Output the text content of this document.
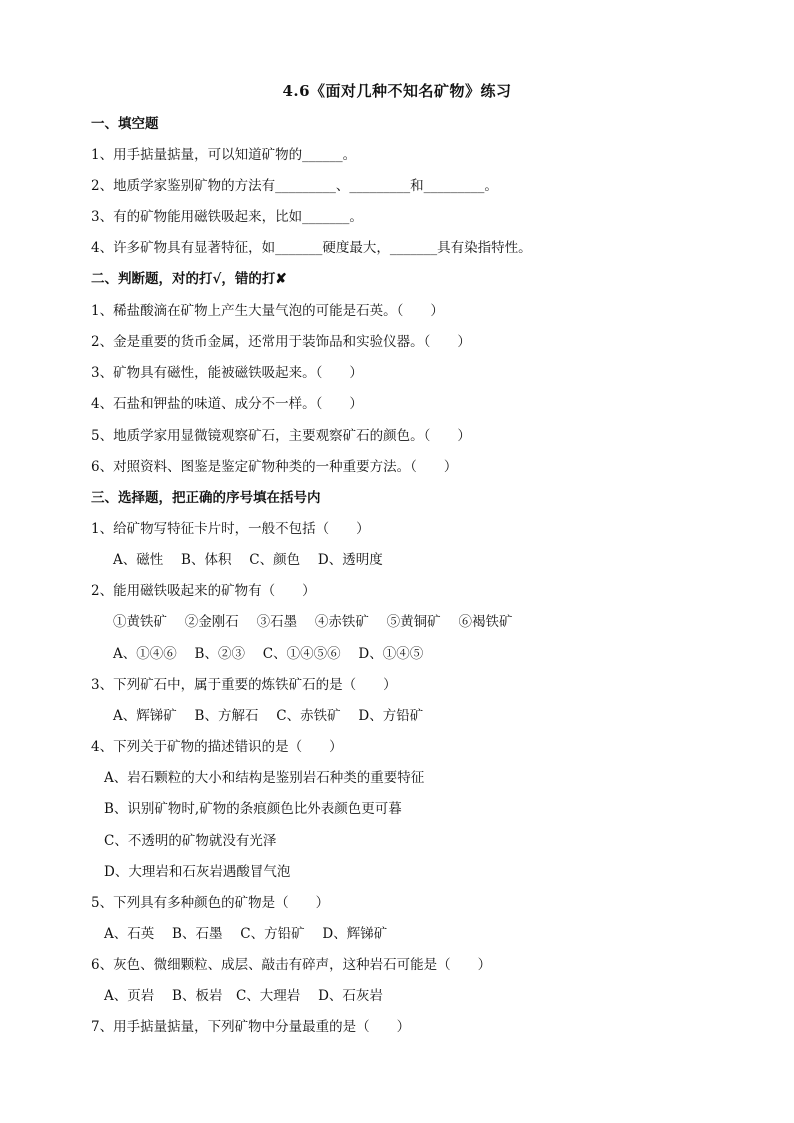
4.6《面对几种不知名矿物》练习
一、填空题
1、用手掂量掂量，可以知道矿物的______。
2、地质学家鉴别矿物的方法有_________、_________和_________。
3、有的矿物能用磁铁吸起来，比如_______。
4、许多矿物具有显著特征，如_______硬度最大，_______具有染指特性。
二、判断题，对的打√，错的打✘
1、稀盐酸滴在矿物上产生大量气泡的可能是石英。（　　）
2、金是重要的货币金属，还常用于装饰品和实验仪器。（　　）
3、矿物具有磁性，能被磁铁吸起来。（　　）
4、石盐和钾盐的味道、成分不一样。（　　）
5、地质学家用显微镜观察矿石，主要观察矿石的颜色。（　　）
6、对照资料、图鉴是鉴定矿物种类的一种重要方法。（　　）
三、选择题，把正确的序号填在括号内
1、给矿物写特征卡片时，一般不包括（　　）
A、磁性　 B、体积　 C、颜色　 D、透明度
2、能用磁铁吸起来的矿物有（　　）
①黄铁矿　 ②金刚石　 ③石墨　 ④赤铁矿　 ⑤黄铜矿　 ⑥褐铁矿
A、①④⑥　 B、②③　 C、①④⑤⑥　 D、①④⑤
3、下列矿石中，属于重要的炼铁矿石的是（　　）
A、辉锑矿　 B、方解石　 C、赤铁矿　 D、方铅矿
4、下列关于矿物的描述错识的是（　　）
A、岩石颗粒的大小和结构是鉴别岩石种类的重要特征
B、识别矿物时,矿物的条痕颜色比外表颜色更可暮
C、不透明的矿物就没有光泽
D、大理岩和石灰岩遇酸冒气泡
5、下列具有多种颜色的矿物是（　　）
A、石英　 B、石墨　 C、方铅矿　 D、辉锑矿
6、灰色、微细颗粒、成层、敲击有碎声，这种岩石可能是（　　）
A、页岩　 B、板岩　C、大理岩　 D、石灰岩
7、用手掂量掂量，下列矿物中分量最重的是（　　）
